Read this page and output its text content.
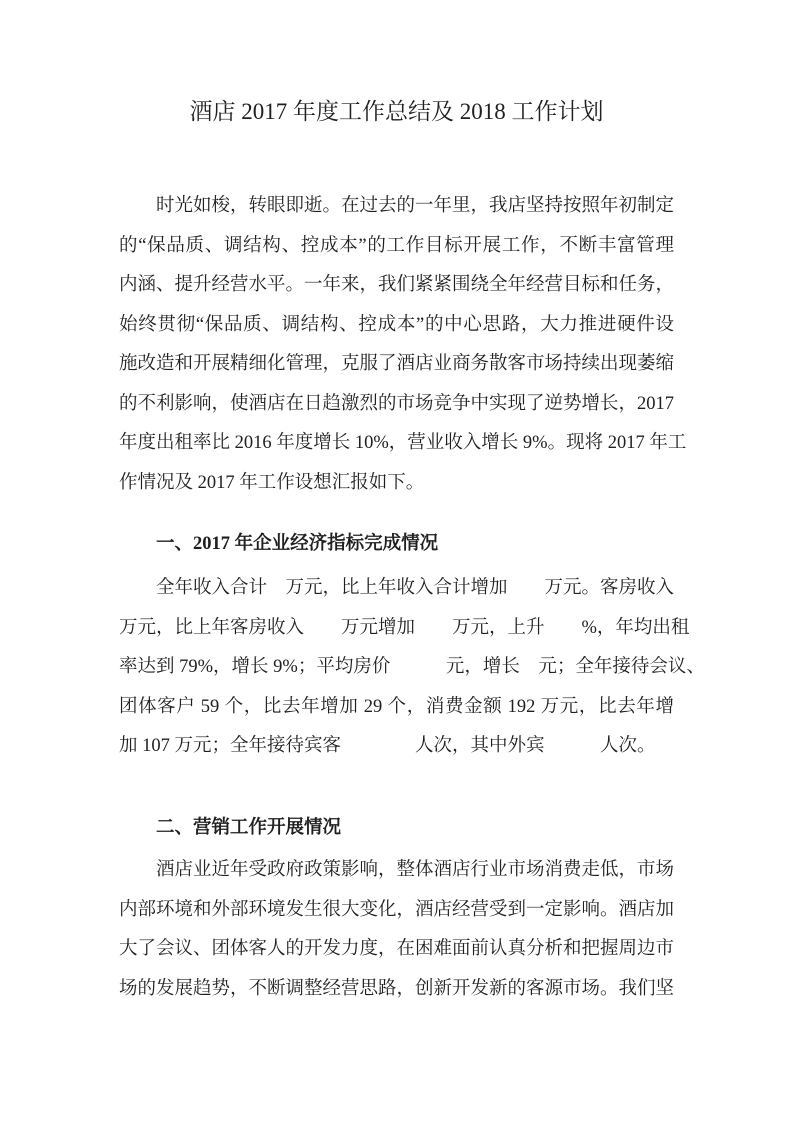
酒店 2017 年度工作总结及 2018 工作计划
时光如梭，转眼即逝。在过去的一年里，我店坚持按照年初制定
的“保品质、调结构、控成本”的工作目标开展工作，不断丰富管理
内涵、提升经营水平。一年来，我们紧紧围绕全年经营目标和任务，
始终贯彻“保品质、调结构、控成本”的中心思路，大力推进硬件设
施改造和开展精细化管理，克服了酒店业商务散客市场持续出现萎缩
的不利影响，使酒店在日趋激烈的市场竞争中实现了逆势增长，2017
年度出租率比 2016 年度增长 10%，营业收入增长 9%。现将 2017 年工
作情况及 2017 年工作设想汇报如下。
一、2017 年企业经济指标完成情况
全年收入合计　万元，比上年收入合计增加　　万元。客房收入
万元，比上年客房收入　　万元增加　　万元，上升　　%，年均出租
率达到 79%，增长 9%；平均房价　　　元，增长　元；全年接待会议、
团体客户 59 个，比去年增加 29 个，消费金额 192 万元，比去年增
加 107 万元；全年接待宾客　　　　人次，其中外宾　　　人次。
二、营销工作开展情况
酒店业近年受政府政策影响，整体酒店行业市场消费走低，市场
内部环境和外部环境发生很大变化，酒店经营受到一定影响。酒店加
大了会议、团体客人的开发力度，在困难面前认真分析和把握周边市
场的发展趋势，不断调整经营思路，创新开发新的客源市场。我们坚
